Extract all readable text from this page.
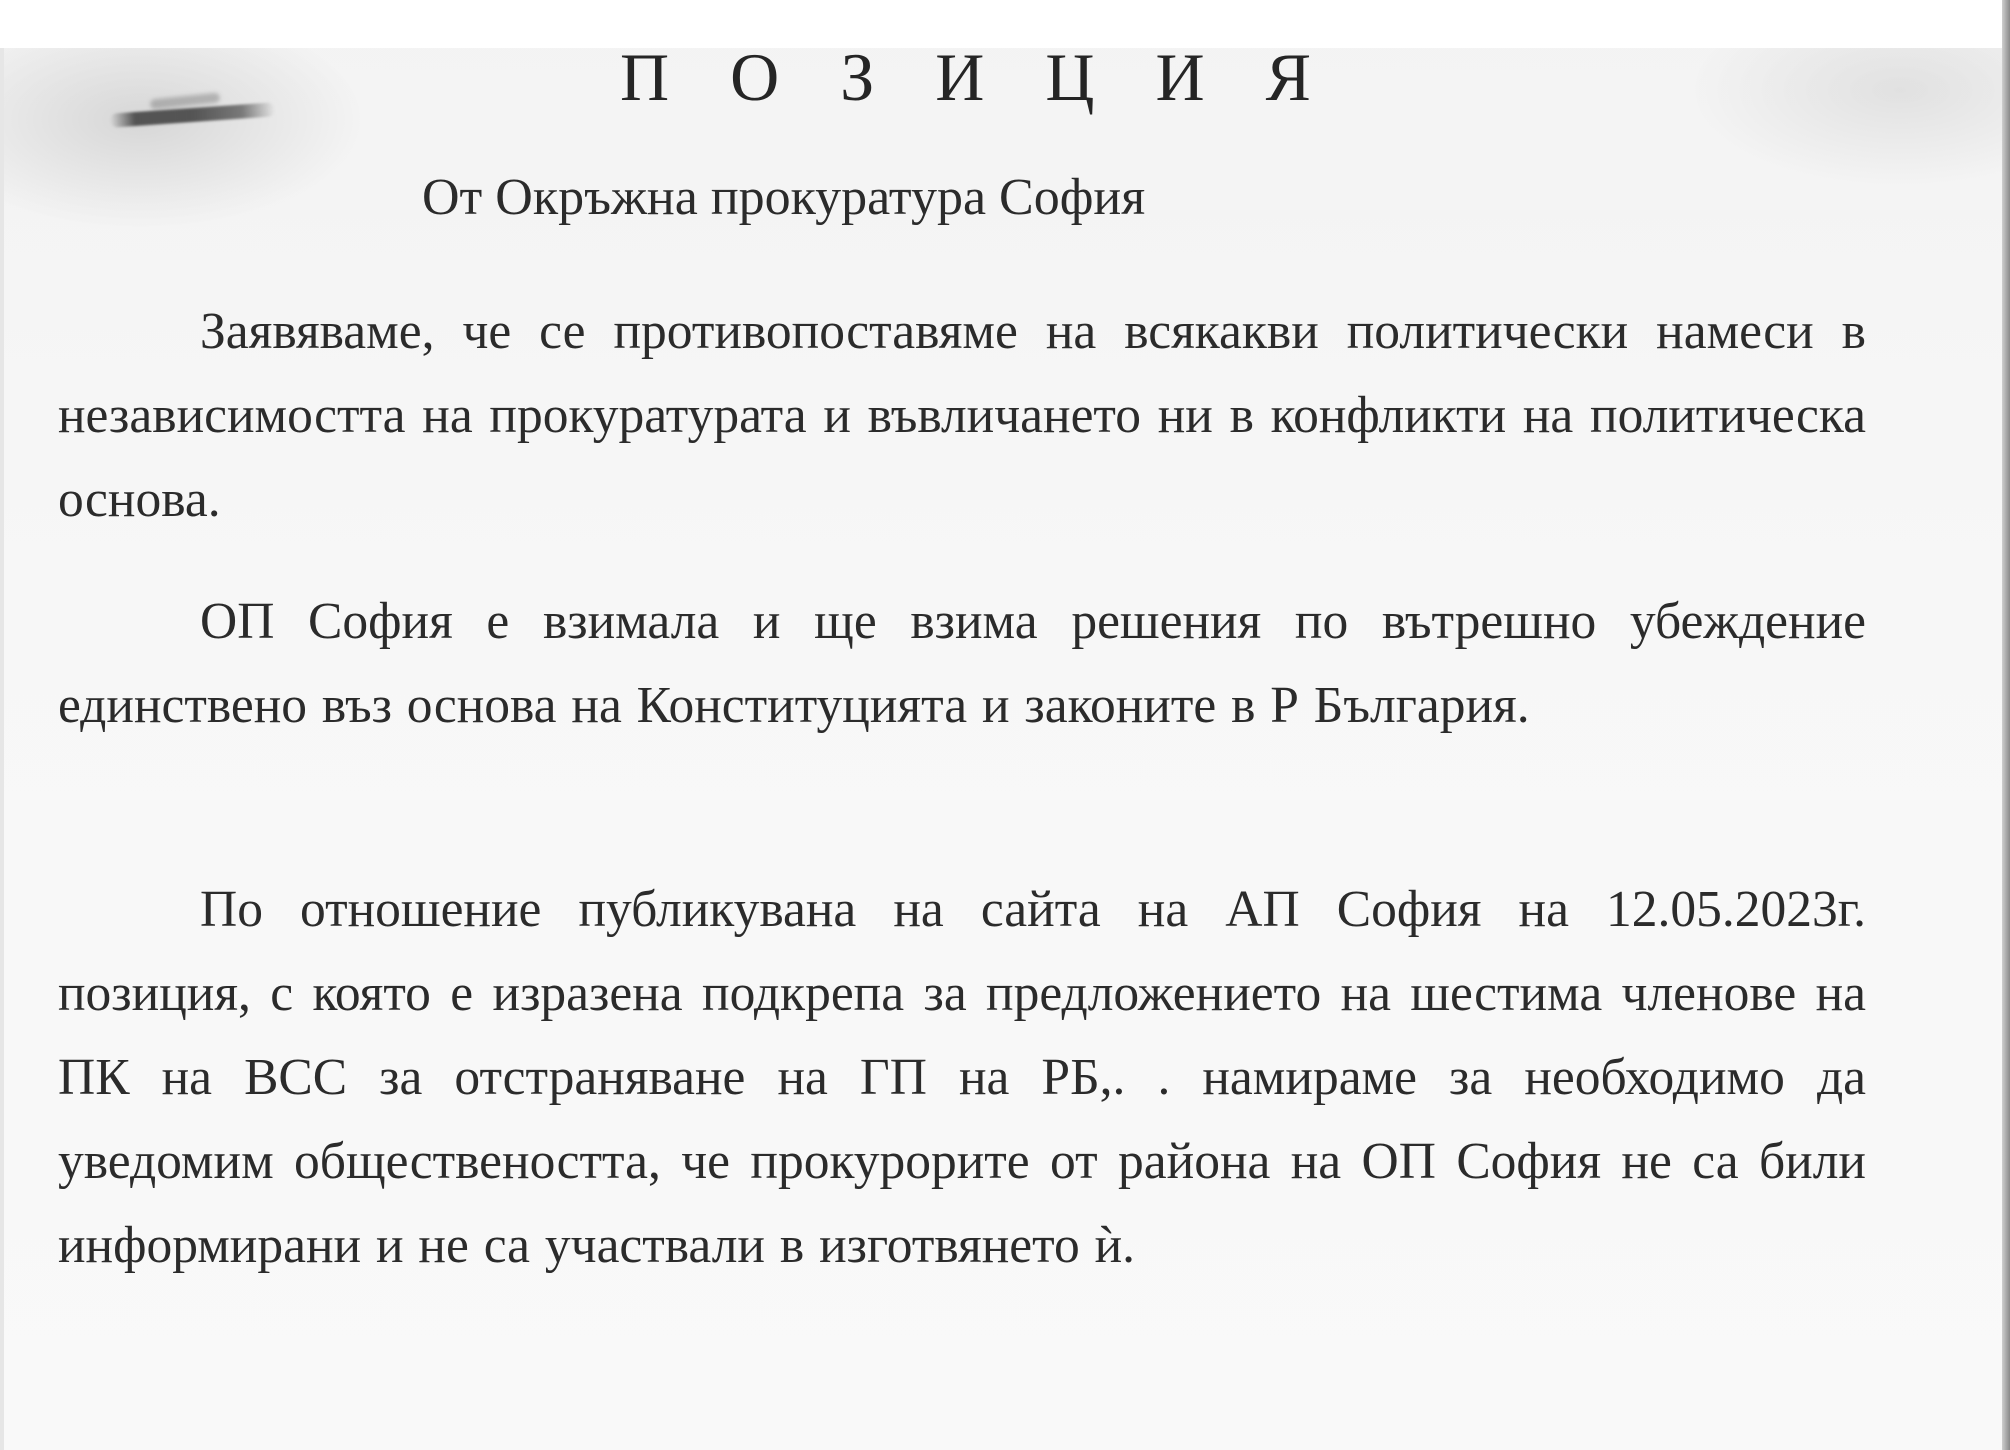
П О З И Ц И Я
От Окръжна прокуратура София

Заявяваме, че се противопоставяме на всякакви политически намеси в независимостта на прокуратурата и въвличането ни в конфликти на политическа основа.

ОП София е взимала и ще взима решения по вътрешно убеждение единствено въз основа на Конституцията и законите в Р България.

По отношение публикувана на сайта на АП София на 12.05.2023г. позиция, с която е изразена подкрепа за предложението на шестима членове на ПК на ВСС за отстраняване на ГП на РБ,. . намираме за необходимо да уведомим обществеността, че прокурорите от района на ОП София не са били информирани и не са участвали в изготвянето ѝ.
